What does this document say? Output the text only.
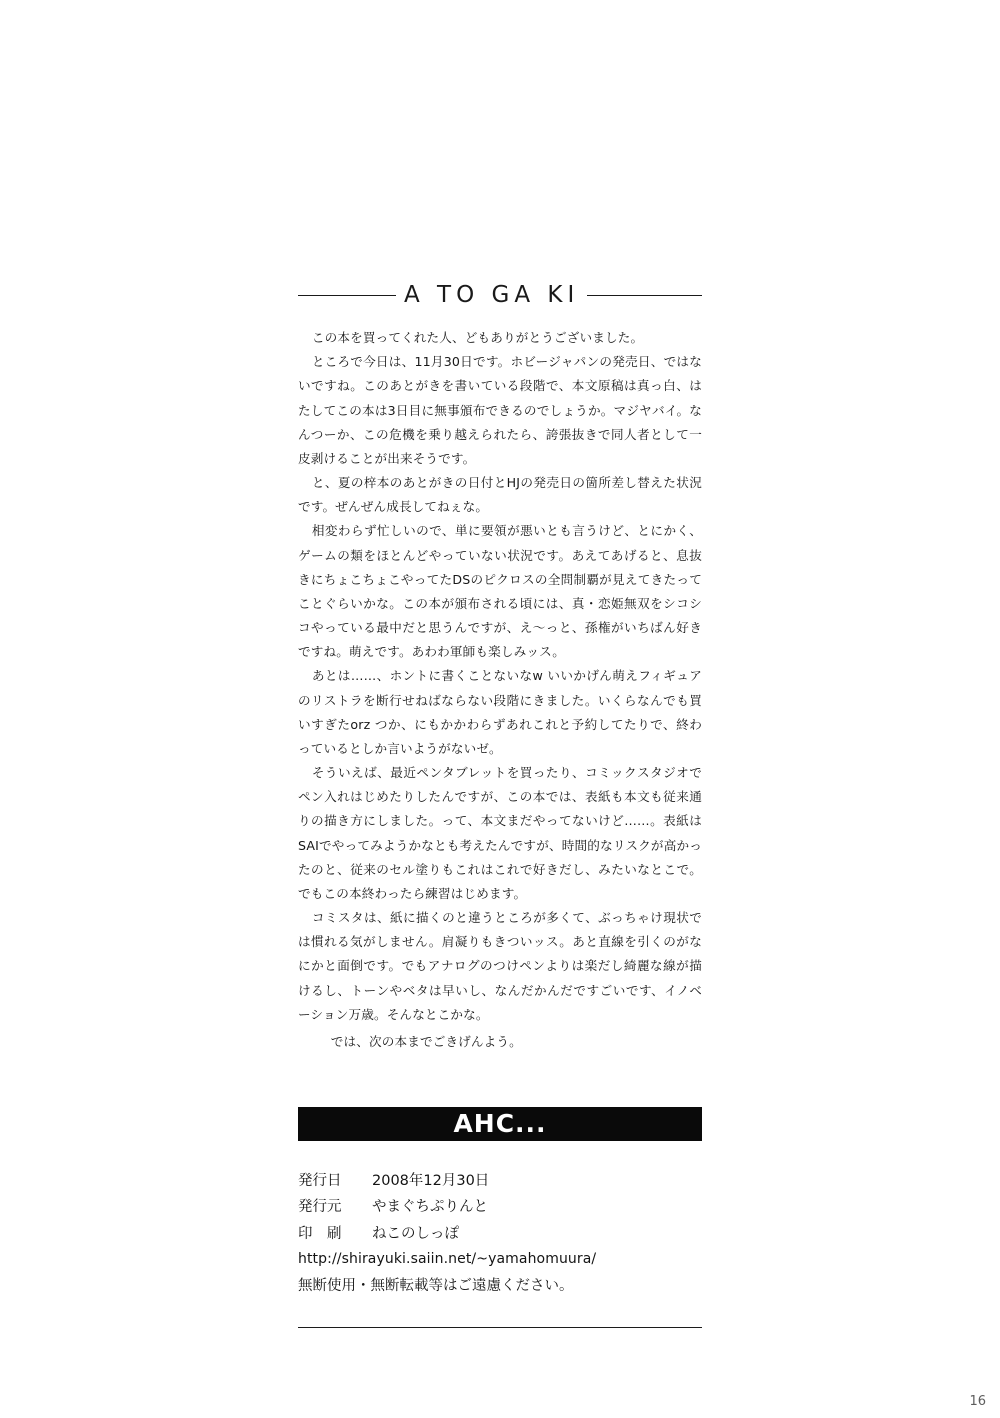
A TO GA KI

この本を買ってくれた人、どもありがとうございました。

ところで今日は、11月30日です。ホビージャパンの発売日、ではないですね。このあとがきを書いている段階で、本文原稿は真っ白、はたしてこの本は3日目に無事頒布できるのでしょうか。マジヤバイ。なんつーか、この危機を乗り越えられたら、誇張抜きで同人者として一皮剥けることが出来そうです。

と、夏の梓本のあとがきの日付とHJの発売日の箇所差し替えた状況です。ぜんぜん成長してねぇな。

相変わらず忙しいので、単に要領が悪いとも言うけど、とにかく、ゲームの類をほとんどやっていない状況です。あえてあげると、息抜きにちょこちょこやってたDSのピクロスの全問制覇が見えてきたってことぐらいかな。この本が頒布される頃には、真・恋姫無双をシコシコやっている最中だと思うんですが、え〜っと、孫権がいちばん好きですね。萌えです。あわわ軍師も楽しみッス。

あとは……、ホントに書くことないなw いいかげん萌えフィギュアのリストラを断行せねばならない段階にきました。いくらなんでも買いすぎたorz つか、にもかかわらずあれこれと予約してたりで、終わっているとしか言いようがないゼ。

そういえば、最近ペンタブレットを買ったり、コミックスタジオでペン入れはじめたりしたんですが、この本では、表紙も本文も従来通りの描き方にしました。って、本文まだやってないけど……。表紙はSAIでやってみようかなとも考えたんですが、時間的なリスクが高かったのと、従来のセル塗りもこれはこれで好きだし、みたいなとこで。でもこの本終わったら練習はじめます。

コミスタは、紙に描くのと違うところが多くて、ぶっちゃけ現状では慣れる気がしません。肩凝りもきついッス。あと直線を引くのがなにかと面倒です。でもアナログのつけペンよりは楽だし綺麗な線が描けるし、トーンやベタは早いし、なんだかんだですごいです、イノベーション万歳。そんなとこかな。

では、次の本までごきげんよう。

AHC...
発行日 2008年12月30日
発行元 やまぐちぷりんと
印　刷 ねこのしっぽ
http://shirayuki.saiin.net/~yamahomuura/
無断使用・無断転載等はご遠慮ください。
16
